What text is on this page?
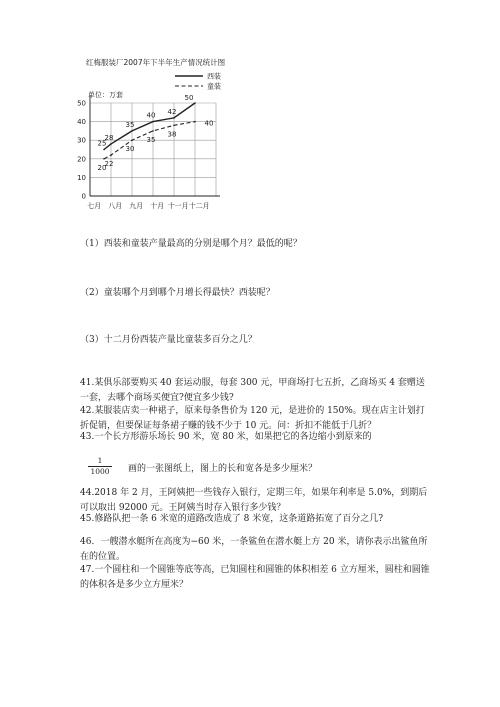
红梅服装厂2007年下半年生产情况统计图
单位：万套
0
10
20
30
40
50
七月 八月 九月 十月 十一月 十二月
25
28
35
40 42
50
20
22
30
35
38
40
西装
童装
（1）西装和童装产量最高的分别是哪个月？最低的呢？
（2）童装哪个月到哪个月增长得最快？西装呢？
（3）十二月份西装产量比童装多百分之几？
41.某俱乐部要购买 40 套运动服，每套 300 元，甲商场打七五折，乙商场买 4 套赠送一套，去哪个商场买便宜?便宜多少钱?
42.某服装店卖一种裙子，原来每条售价为 120 元，是进价的 150%。现在店主计划打折促销，但要保证每条裙子赚的钱不少于 10 元。问：折扣不能低于几折？
43.一个长方形游乐场长 90 米，宽 80 米，如果把它的各边缩小到原来的
$\frac{1}{1000}$ 画的一张图纸上，图上的长和宽各是多少厘米？
44.2018 年 2 月，王阿姨把一些钱存入银行，定期三年，如果年利率是 5.0%，到期后可以取出 92000 元。王阿姨当时存入银行多少钱？
45.修路队把一条 6 米宽的道路改造成了 8 米宽，这条道路拓宽了百分之几?
46．一艘潜水艇所在高度为−60 米，一条鲨鱼在潜水艇上方 20 米，请你表示出鲨鱼所在的位置。
47.一个圆柱和一个圆锥等底等高，已知圆柱和圆锥的体积相差 6 立方厘米，圆柱和圆锥的体积各是多少立方厘米？
